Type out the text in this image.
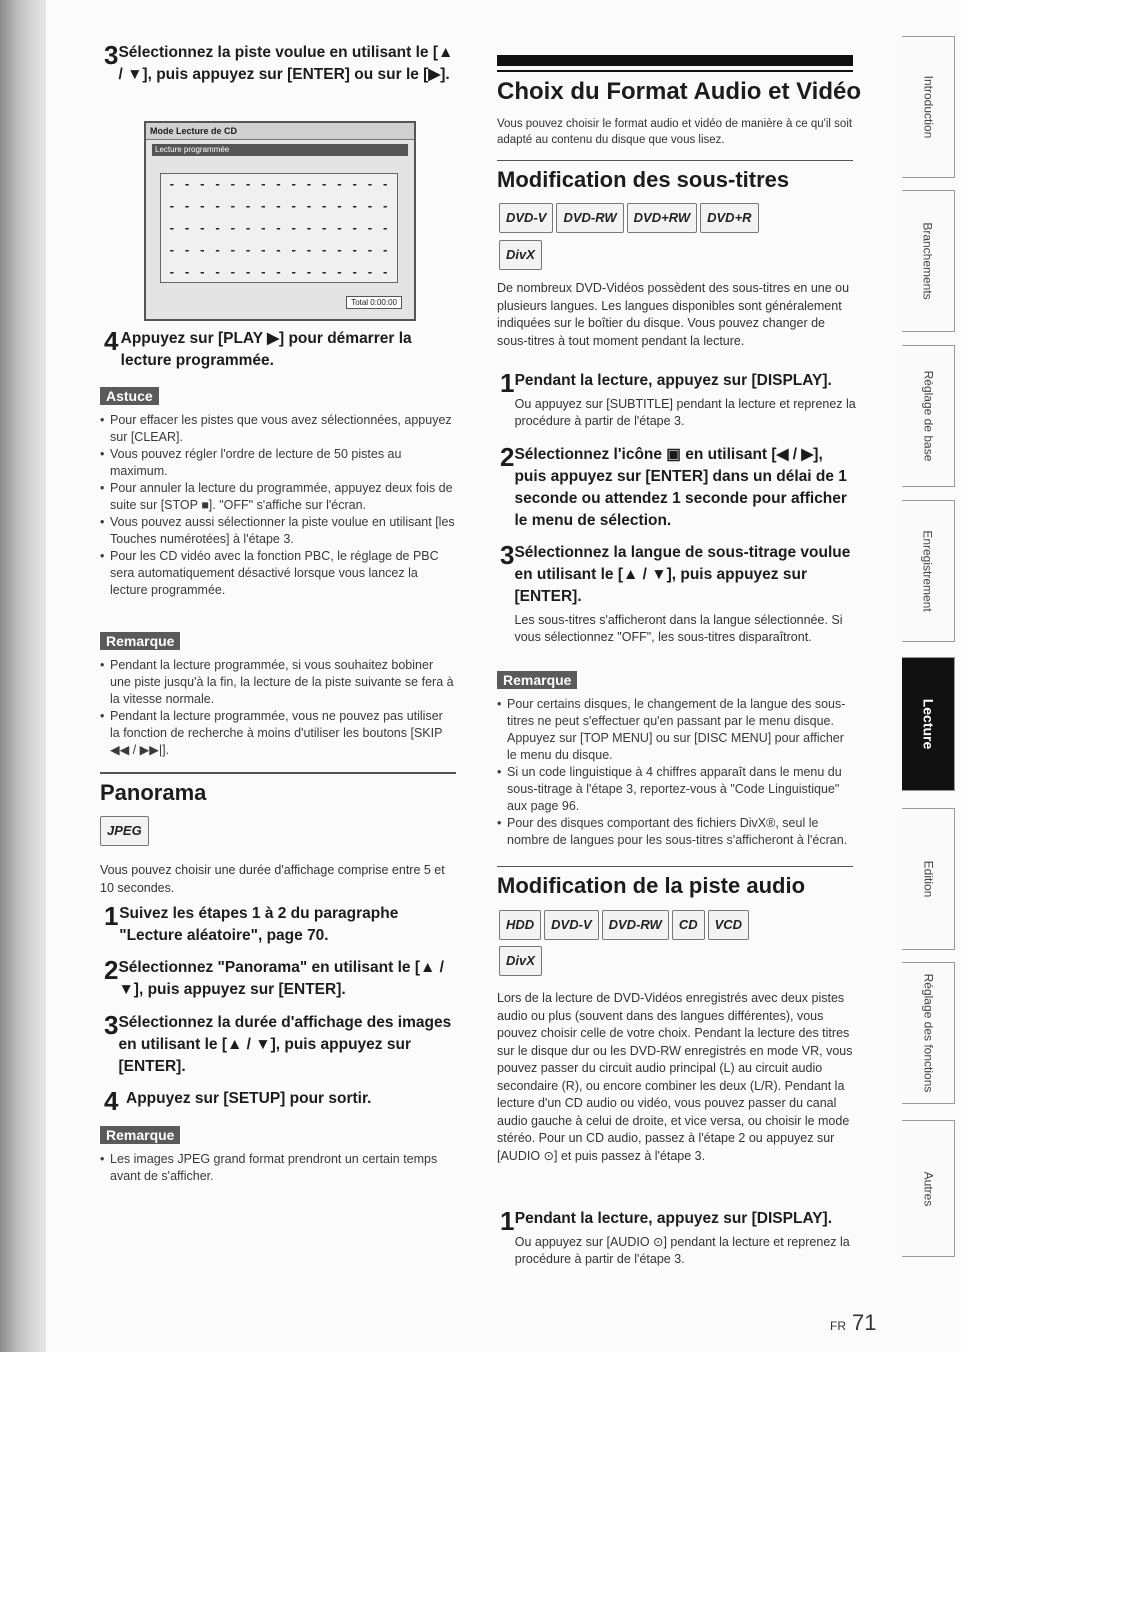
3 Sélectionnez la piste voulue en utilisant le [▲ / ▼], puis appuyez sur [ENTER] ou sur le [▶].
Mode Lecture de CD
Lecture programmée
- - - - - - - - - - - - - - -
- - - - - - - - - - - - - - -
- - - - - - - - - - - - - - -
- - - - - - - - - - - - - - -
- - - - - - - - - - - - - - -
Total 0:00:00
4 Appuyez sur [PLAY ▶] pour démarrer la lecture programmée.
Astuce
• Pour effacer les pistes que vous avez sélectionnées, appuyez sur [CLEAR].
• Vous pouvez régler l'ordre de lecture de 50 pistes au maximum.
• Pour annuler la lecture du programmée, appuyez deux fois de suite sur [STOP ■]. "OFF" s'affiche sur l'écran.
• Vous pouvez aussi sélectionner la piste voulue en utilisant [les Touches numérotées] à l'étape 3.
• Pour les CD vidéo avec la fonction PBC, le réglage de PBC sera automatiquement désactivé lorsque vous lancez la lecture programmée.
Remarque
• Pendant la lecture programmée, si vous souhaitez bobiner une piste jusqu'à la fin, la lecture de la piste suivante se fera à la vitesse normale.
• Pendant la lecture programmée, vous ne pouvez pas utiliser la fonction de recherche à moins d'utiliser les boutons [SKIP ◀◀ / ▶▶|].
Panorama
JPEG
Vous pouvez choisir une durée d'affichage comprise entre 5 et 10 secondes.
1 Suivez les étapes 1 à 2 du paragraphe "Lecture aléatoire", page 70.
2 Sélectionnez "Panorama" en utilisant le [▲ / ▼], puis appuyez sur [ENTER].
3 Sélectionnez la durée d'affichage des images en utilisant le [▲ / ▼], puis appuyez sur [ENTER].
4 Appuyez sur [SETUP] pour sortir.
Remarque
• Les images JPEG grand format prendront un certain temps avant de s'afficher.
Choix du Format Audio et Vidéo
Vous pouvez choisir le format audio et vidéo de manière à ce qu'il soit adapté au contenu du disque que vous lisez.
Modification des sous-titres
DVD-V DVD-RW DVD+RW DVD+R
DivX
De nombreux DVD-Vidéos possèdent des sous-titres en une ou plusieurs langues. Les langues disponibles sont généralement indiquées sur le boîtier du disque. Vous pouvez changer de sous-titres à tout moment pendant la lecture.
1 Pendant la lecture, appuyez sur [DISPLAY].
Ou appuyez sur [SUBTITLE] pendant la lecture et reprenez la procédure à partir de l'étape 3.
2 Sélectionnez l'icône ▣ en utilisant [◀ / ▶], puis appuyez sur [ENTER] dans un délai de 1 seconde ou attendez 1 seconde pour afficher le menu de sélection.
3 Sélectionnez la langue de sous-titrage voulue en utilisant le [▲ / ▼], puis appuyez sur [ENTER].
Les sous-titres s'afficheront dans la langue sélectionnée. Si vous sélectionnez "OFF", les sous-titres disparaîtront.
Remarque
• Pour certains disques, le changement de la langue des sous-titres ne peut s'effectuer qu'en passant par le menu disque. Appuyez sur [TOP MENU] ou sur [DISC MENU] pour afficher le menu du disque.
• Si un code linguistique à 4 chiffres apparaît dans le menu du sous-titrage à l'étape 3, reportez-vous à "Code Linguistique" aux page 96.
• Pour des disques comportant des fichiers DivX®, seul le nombre de langues pour les sous-titres s'afficheront à l'écran.
Modification de la piste audio
HDD DVD-V DVD-RW CD VCD
DivX
Lors de la lecture de DVD-Vidéos enregistrés avec deux pistes audio ou plus (souvent dans des langues différentes), vous pouvez choisir celle de votre choix. Pendant la lecture des titres sur le disque dur ou les DVD-RW enregistrés en mode VR, vous pouvez passer du circuit audio principal (L) au circuit audio secondaire (R), ou encore combiner les deux (L/R). Pendant la lecture d'un CD audio ou vidéo, vous pouvez passer du canal audio gauche à celui de droite, et vice versa, ou choisir le mode stéréo. Pour un CD audio, passez à l'étape 2 ou appuyez sur [AUDIO ⊙] et puis passez à l'étape 3.
1 Pendant la lecture, appuyez sur [DISPLAY].
Ou appuyez sur [AUDIO ⊙] pendant la lecture et reprenez la procédure à partir de l'étape 3.
Introduction
Branchements
Réglage de base
Enregistrement
Lecture
Edition
Réglage des fonctions
Autres
FR 71
